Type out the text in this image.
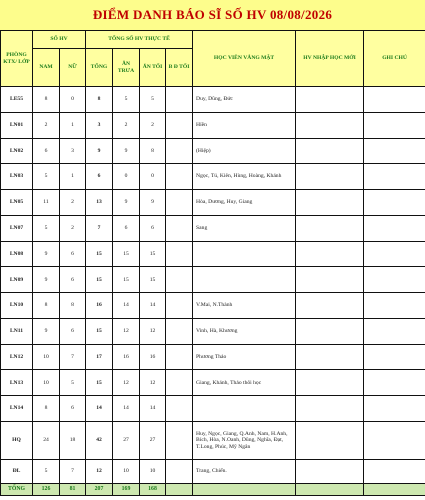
ĐIỂM DANH BÁO SĨ SỐ HV 08/08/2026
PHÒNG KTX/ LỚP	SỐ HV		TỔNG SỐ HV THỰC TẾ				HỌC VIÊN VẮNG MẶT	HV NHẬP HỌC MỚI	GHI CHÚ
	NAM	NỮ	TỔNG	ĂN TRƯA	ĂN TỐI	B Đ TỐI			
LE55	8	0	8	5	5		Duy, Dũng, Đức		
LN01	2	1	3	2	2		Hiền		
LN02	6	3	9	9	8		(Hiệp)		
LN03	5	1	6	0	0		Ngọc, Tú, Kiên, Hùng, Hoàng, Khánh		
LN05	11	2	13	9	9		Hòa, Dương, Huy, Giang		
LN07	5	2	7	6	6		Sang		
LN08	9	6	15	15	15				
LN09	9	6	15	15	15				
LN10	8	8	16	14	14		V.Mai, N.Thành		
LN11	9	6	15	12	12		Vinh, Hà, Khương		
LN12	10	7	17	16	16		Phương Thảo		
LN13	10	5	15	12	12		Giang, Khánh, Thảo thôi học		
LN14	8	6	14	14	14				
HQ	24	18	42	27	27		Huy, Ngọc, Giang, Q.Anh, Nam, H.Anh, Bích, Hòa, N.Oanh, Dũng, Nghĩa, Đạt, T.Long, Phúc, Mỹ Ngân		
ĐL	5	7	12	10	10		Trang, Chiến.		
TỔNG	126	81	207	169	168				
